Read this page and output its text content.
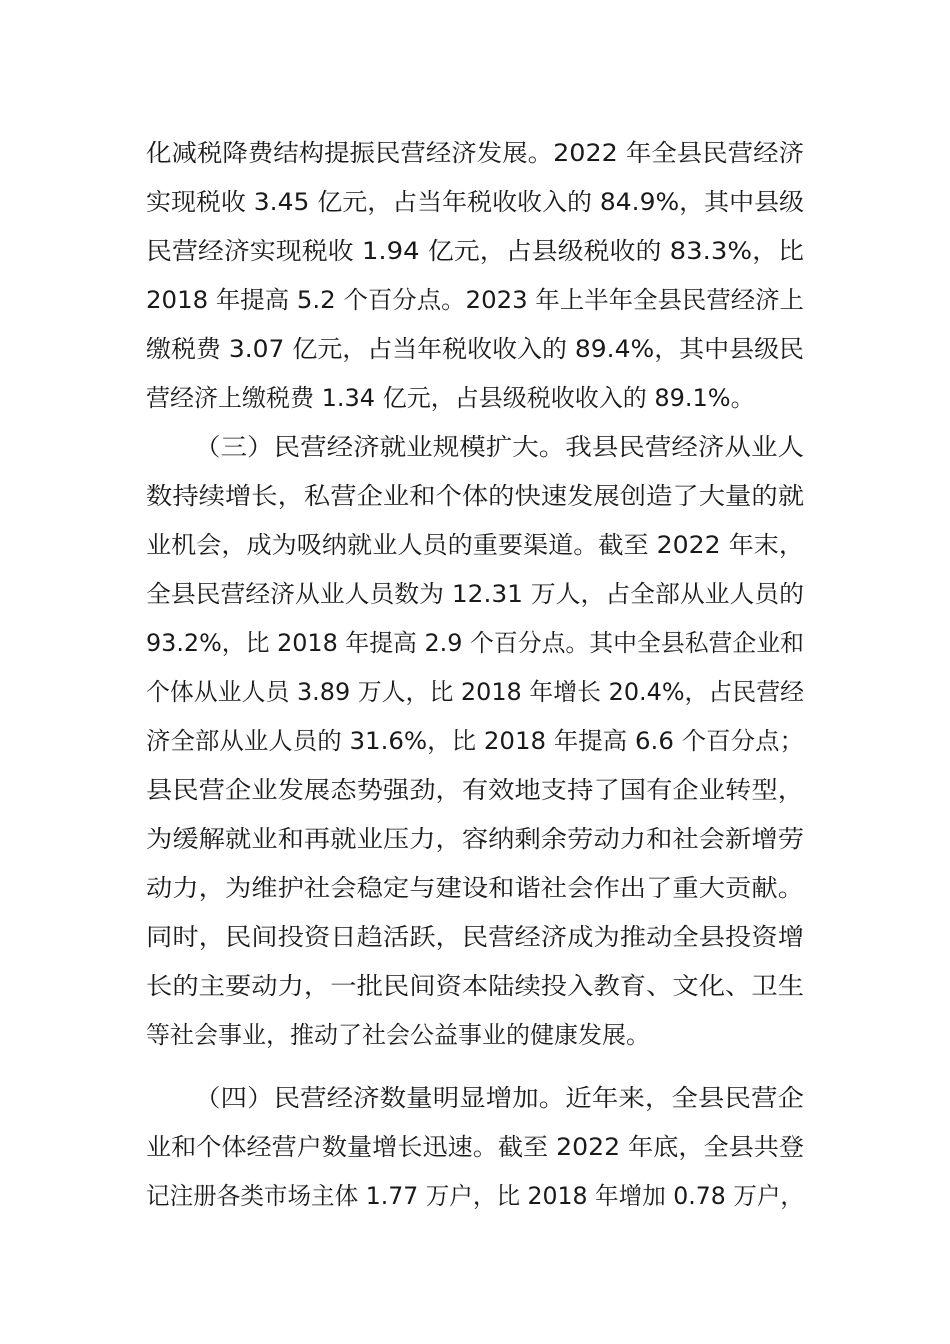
化减税降费结构提振民营经济发展。2022 年全县民营经济
实现税收 3.45 亿元，占当年税收收入的 84.9%，其中县级
民营经济实现税收 1.94 亿元，占县级税收的 83.3%，比
2018 年提高 5.2 个百分点。2023 年上半年全县民营经济上
缴税费 3.07 亿元，占当年税收收入的 89.4%，其中县级民
营经济上缴税费 1.34 亿元，占县级税收收入的 89.1%。
（三）民营经济就业规模扩大。我县民营经济从业人
数持续增长，私营企业和个体的快速发展创造了大量的就
业机会，成为吸纳就业人员的重要渠道。截至 2022 年末，
全县民营经济从业人员数为 12.31 万人，占全部从业人员的
93.2%，比 2018 年提高 2.9 个百分点。其中全县私营企业和
个体从业人员 3.89 万人，比 2018 年增长 20.4%，占民营经
济全部从业人员的 31.6%，比 2018 年提高 6.6 个百分点；
县民营企业发展态势强劲，有效地支持了国有企业转型，
为缓解就业和再就业压力，容纳剩余劳动力和社会新增劳
动力，为维护社会稳定与建设和谐社会作出了重大贡献。
同时，民间投资日趋活跃，民营经济成为推动全县投资增
长的主要动力，一批民间资本陆续投入教育、文化、卫生
等社会事业，推动了社会公益事业的健康发展。
（四）民营经济数量明显增加。近年来，全县民营企
业和个体经营户数量增长迅速。截至 2022 年底，全县共登
记注册各类市场主体 1.77 万户，比 2018 年增加 0.78 万户，
